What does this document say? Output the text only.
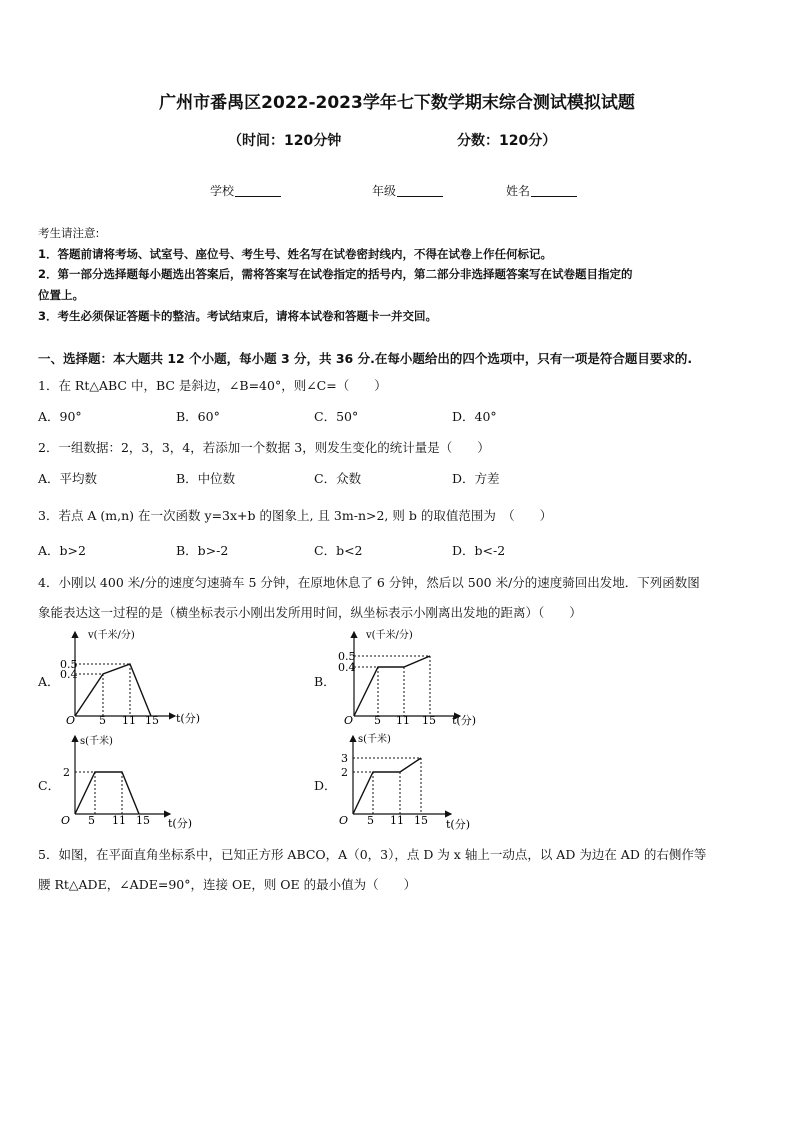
广州市番禺区2022-2023学年七下数学期末综合测试模拟试题
（时间：120分钟	分数：120分）
学校	年级	姓名
考生请注意:
1．答题前请将考场、试室号、座位号、考生号、姓名写在试卷密封线内，不得在试卷上作任何标记。
2．第一部分选择题每小题选出答案后，需将答案写在试卷指定的括号内，第二部分非选择题答案写在试卷题目指定的
位置上。
3．考生必须保证答题卡的整洁。考试结束后，请将本试卷和答题卡一并交回。
一、选择题：本大题共 12 个小题，每小题 3 分，共 36 分.在每小题给出的四个选项中，只有一项是符合题目要求的.
1．在 Rt△ABC 中，BC 是斜边，∠B=40°，则∠C=（　　）
A．90°	B．60°	C．50°	D．40°
2．一组数据：2，3，3，4，若添加一个数据 3，则发生变化的统计量是（　　）
A．平均数	B．中位数	C．众数	D．方差
3．若点 A (m,n) 在一次函数 y=3x+b 的图象上, 且 3m-n>2, 则 b 的取值范围为　（　　）
A．b>2	B．b>-2	C．b<2	D．b<-2
4．小刚以 400 米/分的速度匀速骑车 5 分钟，在原地休息了 6 分钟，然后以 500 米/分的速度骑回出发地．下列函数图
象能表达这一过程的是（横坐标表示小刚出发所用时间，纵坐标表示小刚离出发地的距离）（　　）
A．
v(千米/分)
t(分)
0.5
0.4
5 11 15
O
B．
v(千米/分)
t(分)
0.5
0.4
5 11 15
O
C．
s(千米)
t(分)
2
5 11 15
O
D．
s(千米)
t(分)
3
2
5 11 15
O
5．如图，在平面直角坐标系中，已知正方形 ABCO，A（0，3），点 D 为 x 轴上一动点，以 AD 为边在 AD 的右侧作等
腰 Rt△ADE，∠ADE=90°，连接 OE，则 OE 的最小值为（　　）
